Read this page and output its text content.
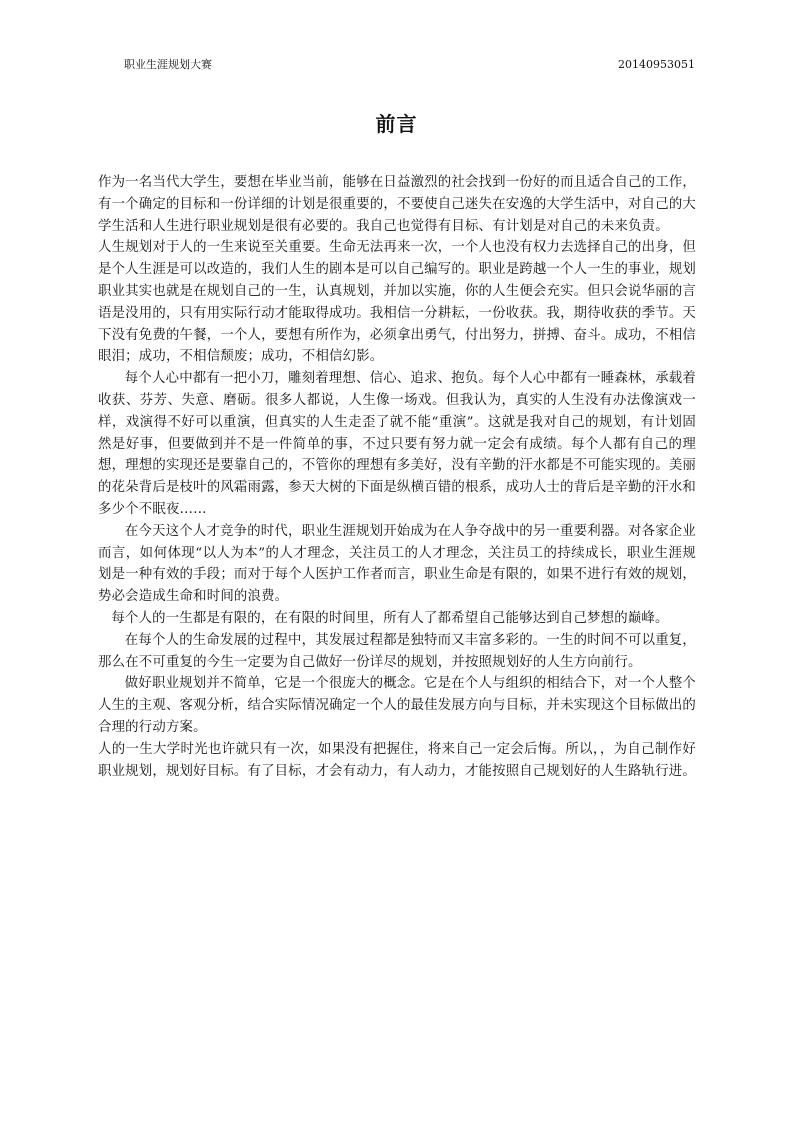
职业生涯规划大赛	20140953051
前言

作为一名当代大学生，要想在毕业当前，能够在日益激烈的社会找到一份好的而且适合自己的工作，有一个确定的目标和一份详细的计划是很重要的，不要使自己迷失在安逸的大学生活中，对自己的大学生活和人生进行职业规划是很有必要的。我自己也觉得有目标、有计划是对自己的未来负责。

人生规划对于人的一生来说至关重要。生命无法再来一次，一个人也没有权力去选择自己的出身，但是个人生涯是可以改造的，我们人生的剧本是可以自己编写的。职业是跨越一个人一生的事业，规划职业其实也就是在规划自己的一生，认真规划，并加以实施，你的人生便会充实。但只会说华丽的言语是没用的，只有用实际行动才能取得成功。我相信一分耕耘，一份收获。我，期待收获的季节。天下没有免费的午餐，一个人，要想有所作为，必须拿出勇气，付出努力，拼搏、奋斗。成功，不相信眼泪；成功，不相信颓废；成功，不相信幻影。

每个人心中都有一把小刀，雕刻着理想、信心、追求、抱负。每个人心中都有一睡森林，承载着收获、芬芳、失意、磨砺。很多人都说，人生像一场戏。但我认为，真实的人生没有办法像演戏一样，戏演得不好可以重演，但真实的人生走歪了就不能“重演”。这就是我对自己的规划，有计划固然是好事，但要做到并不是一件简单的事，不过只要有努力就一定会有成绩。每个人都有自己的理想，理想的实现还是要靠自己的，不管你的理想有多美好，没有辛勤的汗水都是不可能实现的。美丽的花朵背后是枝叶的风霜雨露，参天大树的下面是纵横百错的根系，成功人士的背后是辛勤的汗水和多少个不眠夜……

在今天这个人才竞争的时代，职业生涯规划开始成为在人争夺战中的另一重要利器。对各家企业而言，如何体现“以人为本”的人才理念，关注员工的人才理念，关注员工的持续成长，职业生涯规划是一种有效的手段；而对于每个人医护工作者而言，职业生命是有限的，如果不进行有效的规划，势必会造成生命和时间的浪费。

每个人的一生都是有限的，在有限的时间里，所有人了都希望自己能够达到自己梦想的巅峰。

在每个人的生命发展的过程中，其发展过程都是独特而又丰富多彩的。一生的时间不可以重复，那么在不可重复的今生一定要为自己做好一份详尽的规划，并按照规划好的人生方向前行。

做好职业规划并不简单，它是一个很庞大的概念。它是在个人与组织的相结合下，对一个人整个人生的主观、客观分析，结合实际情况确定一个人的最佳发展方向与目标，并未实现这个目标做出的合理的行动方案。

人的一生大学时光也许就只有一次，如果没有把握住，将来自己一定会后悔。所以，，为自己制作好职业规划，规划好目标。有了目标，才会有动力，有人动力，才能按照自己规划好的人生路轨行进。
